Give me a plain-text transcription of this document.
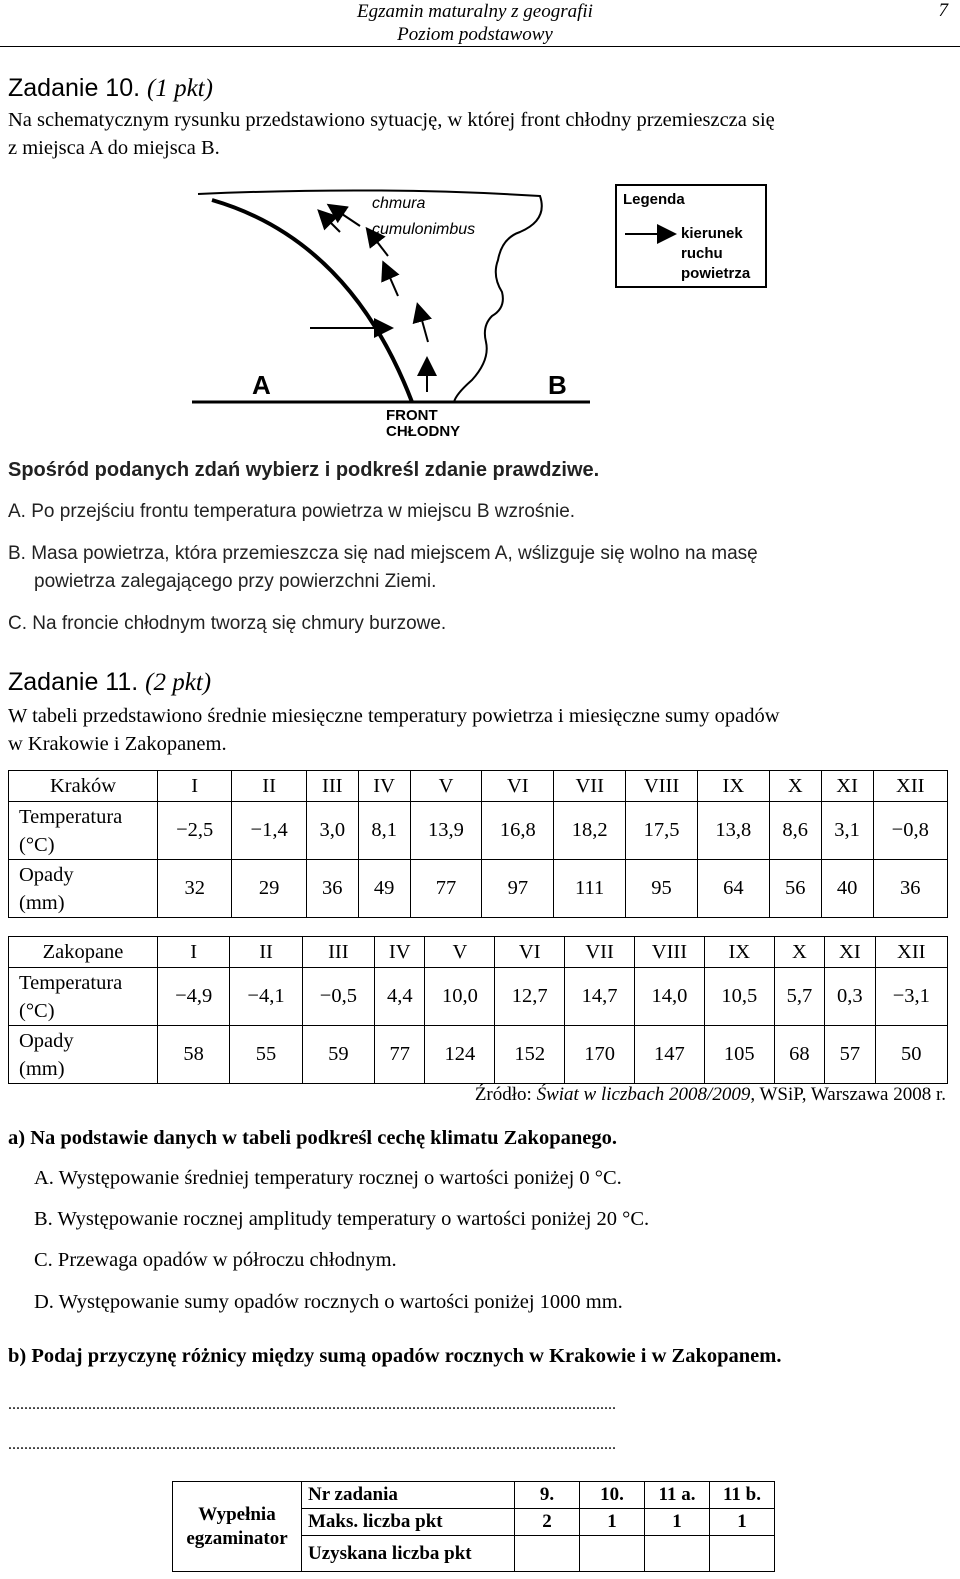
Egzamin maturalny z geografii
Poziom podstawowy
7
Zadanie 10. (1 pkt)
Na schematycznym rysunku przedstawiono sytuację, w której front chłodny przemieszcza się
z miejsca A do miejsca B.
chmura
cumulonimbus
A	B
FRONT
CHŁODNY
Legenda
kierunek
ruchu
powietrza
Spośród podanych zdań wybierz i podkreśl zdanie prawdziwe.
A. Po przejściu frontu temperatura powietrza w miejscu B wzrośnie.
B. Masa powietrza, która przemieszcza się nad miejscem A, wślizguje się wolno na masę
powietrza zalegającego przy powierzchni Ziemi.
C. Na froncie chłodnym tworzą się chmury burzowe.
Zadanie 11. (2 pkt)
W tabeli przedstawiono średnie miesięczne temperatury powietrza i miesięczne sumy opadów
w Krakowie i Zakopanem.
Kraków	I	II	III	IV	V	VI	VII	VIII	IX	X	XI	XII

Temperatura
(°C)	−2,5	−1,4	3,0	8,1	13,9	16,8	18,2	17,5	13,8	8,6	3,1	−0,8

Opady
(mm)	32	29	36	49	77	97	111	95	64	56	40	36
Zakopane	I	II	III	IV	V	VI	VII	VIII	IX	X	XI	XII

Temperatura
(°C)	−4,9	−4,1	−0,5	4,4	10,0	12,7	14,7	14,0	10,5	5,7	0,3	−3,1

Opady
(mm)	58	55	59	77	124	152	170	147	105	68	57	50
Źródło: Świat w liczbach 2008/2009, WSiP, Warszawa 2008 r.
a) Na podstawie danych w tabeli podkreśl cechę klimatu Zakopanego.
A. Występowanie średniej temperatury rocznej o wartości poniżej 0 °C.
B. Występowanie rocznej amplitudy temperatury o wartości poniżej 20 °C.
C. Przewaga opadów w półroczu chłodnym.
D. Występowanie sumy opadów rocznych o wartości poniżej 1000 mm.
b) Podaj przyczynę różnicy między sumą opadów rocznych w Krakowie i w Zakopanem.
........................................................................................................................................................
........................................................................................................................................................
Wypełnia
egzaminator	Nr zadania	9.	10.	11 a.	11 b.
	Maks. liczba pkt	2	1	1	1
	Uzyskana liczba pkt				
